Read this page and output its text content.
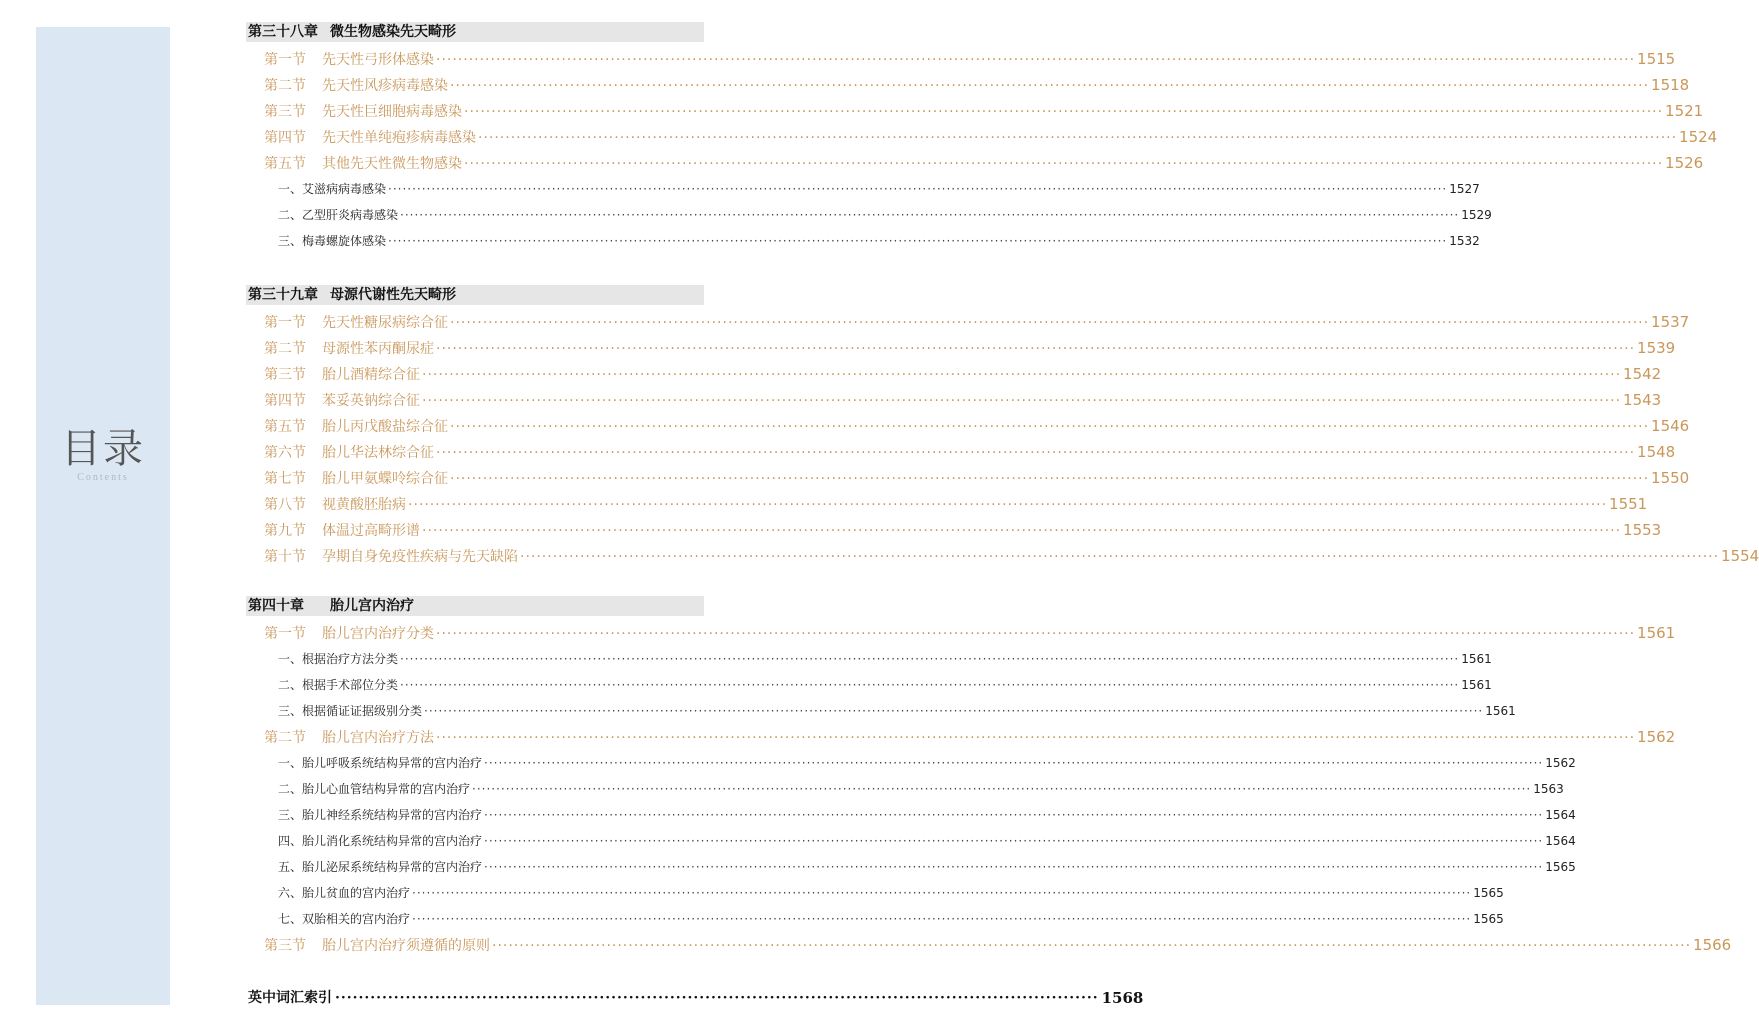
目录
Contents
英中词汇索引 ·································································································································· 1568
第三十八章 微生物感染先天畸形
第一节	先天性弓形体感染 ···························································································································································································································· 1515
第二节	先天性风疹病毒感染 ···························································································································································································································· 1518
第三节	先天性巨细胞病毒感染 ···························································································································································································································· 1521
第四节	先天性单纯疱疹病毒感染 ···························································································································································································································· 1524
第五节	其他先天性微生物感染 ···························································································································································································································· 1526
一、艾滋病病毒感染 ···························································································································································································································· 1527
二、乙型肝炎病毒感染 ···························································································································································································································· 1529
三、梅毒螺旋体感染 ···························································································································································································································· 1532
第三十九章 母源代谢性先天畸形
第一节	先天性糖尿病综合征 ···························································································································································································································· 1537
第二节	母源性苯丙酮尿症 ···························································································································································································································· 1539
第三节	胎儿酒精综合征 ···························································································································································································································· 1542
第四节	苯妥英钠综合征 ···························································································································································································································· 1543
第五节	胎儿丙戊酸盐综合征 ···························································································································································································································· 1546
第六节	胎儿华法林综合征 ···························································································································································································································· 1548
第七节	胎儿甲氨蝶呤综合征 ···························································································································································································································· 1550
第八节	视黄酸胚胎病 ···························································································································································································································· 1551
第九节	体温过高畸形谱 ···························································································································································································································· 1553
第十节	孕期自身免疫性疾病与先天缺陷 ···························································································································································································································· 1554
第四十章 胎儿宫内治疗
第一节	胎儿宫内治疗分类 ···························································································································································································································· 1561
一、根据治疗方法分类 ···························································································································································································································· 1561
二、根据手术部位分类 ···························································································································································································································· 1561
三、根据循证证据级别分类 ···························································································································································································································· 1561
第二节	胎儿宫内治疗方法 ···························································································································································································································· 1562
一、胎儿呼吸系统结构异常的宫内治疗 ···························································································································································································································· 1562
二、胎儿心血管结构异常的宫内治疗 ···························································································································································································································· 1563
三、胎儿神经系统结构异常的宫内治疗 ···························································································································································································································· 1564
四、胎儿消化系统结构异常的宫内治疗 ···························································································································································································································· 1564
五、胎儿泌尿系统结构异常的宫内治疗 ···························································································································································································································· 1565
六、胎儿贫血的宫内治疗 ···························································································································································································································· 1565
七、双胎相关的宫内治疗 ···························································································································································································································· 1565
第三节	胎儿宫内治疗须遵循的原则 ···························································································································································································································· 1566
